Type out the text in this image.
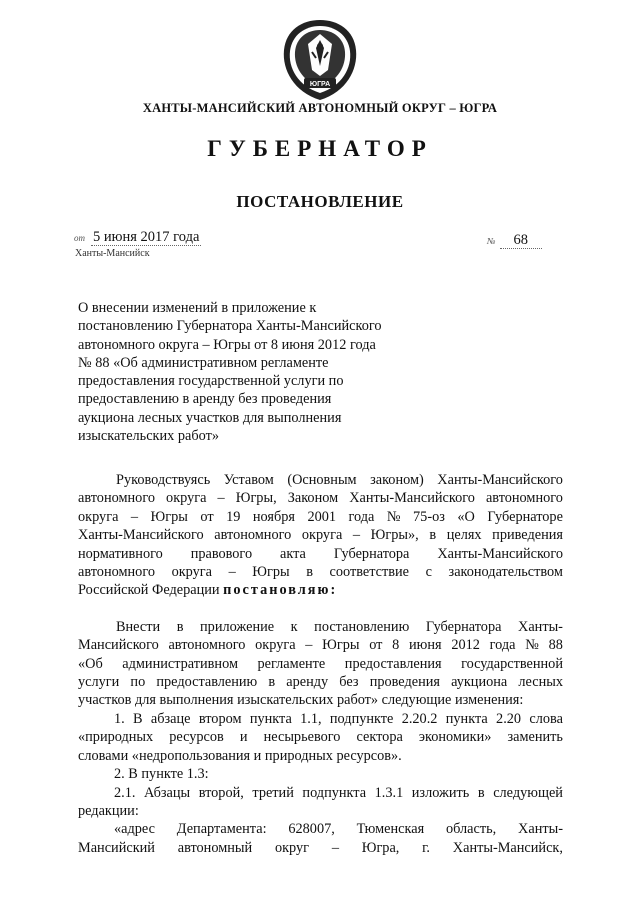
ЮГРА
ХАНТЫ-МАНСИЙСКИЙ АВТОНОМНЫЙ ОКРУГ – ЮГРА
ГУБЕРНАТОР
ПОСТАНОВЛЕНИЕ
от 5 июня 2017 года	№ 68
Ханты-Мансийск
О внесении изменений в приложение к
постановлению Губернатора Ханты-Мансийского
автономного округа – Югры от 8 июня 2012 года
№ 88 «Об административном регламенте
предоставления государственной услуги по
предоставлению в аренду без проведения
аукциона лесных участков для выполнения
изыскательских работ»
Руководствуясь Уставом (Основным законом) Ханты-Мансийского
автономного округа – Югры, Законом Ханты-Мансийского автономного
округа – Югры от 19 ноября 2001 года № 75-оз «О Губернаторе
Ханты-Мансийского автономного округа – Югры», в целях приведения
нормативного правового акта Губернатора Ханты-Мансийского
автономного округа – Югры в соответствие с законодательством
Российской Федерации постановляю:
Внести в приложение к постановлению Губернатора Ханты-
Мансийского автономного округа – Югры от 8 июня 2012 года № 88
«Об административном регламенте предоставления государственной
услуги по предоставлению в аренду без проведения аукциона лесных
участков для выполнения изыскательских работ» следующие изменения:
1. В абзаце втором пункта 1.1, подпункте 2.20.2 пункта 2.20 слова
«природных ресурсов и несырьевого сектора экономики» заменить
словами «недропользования и природных ресурсов».
2. В пункте 1.3:
2.1. Абзацы второй, третий подпункта 1.3.1 изложить в следующей
редакции:
«адрес Департамента: 628007, Тюменская область, Ханты-
Мансийский автономный округ – Югра, г. Ханты-Мансийск,
